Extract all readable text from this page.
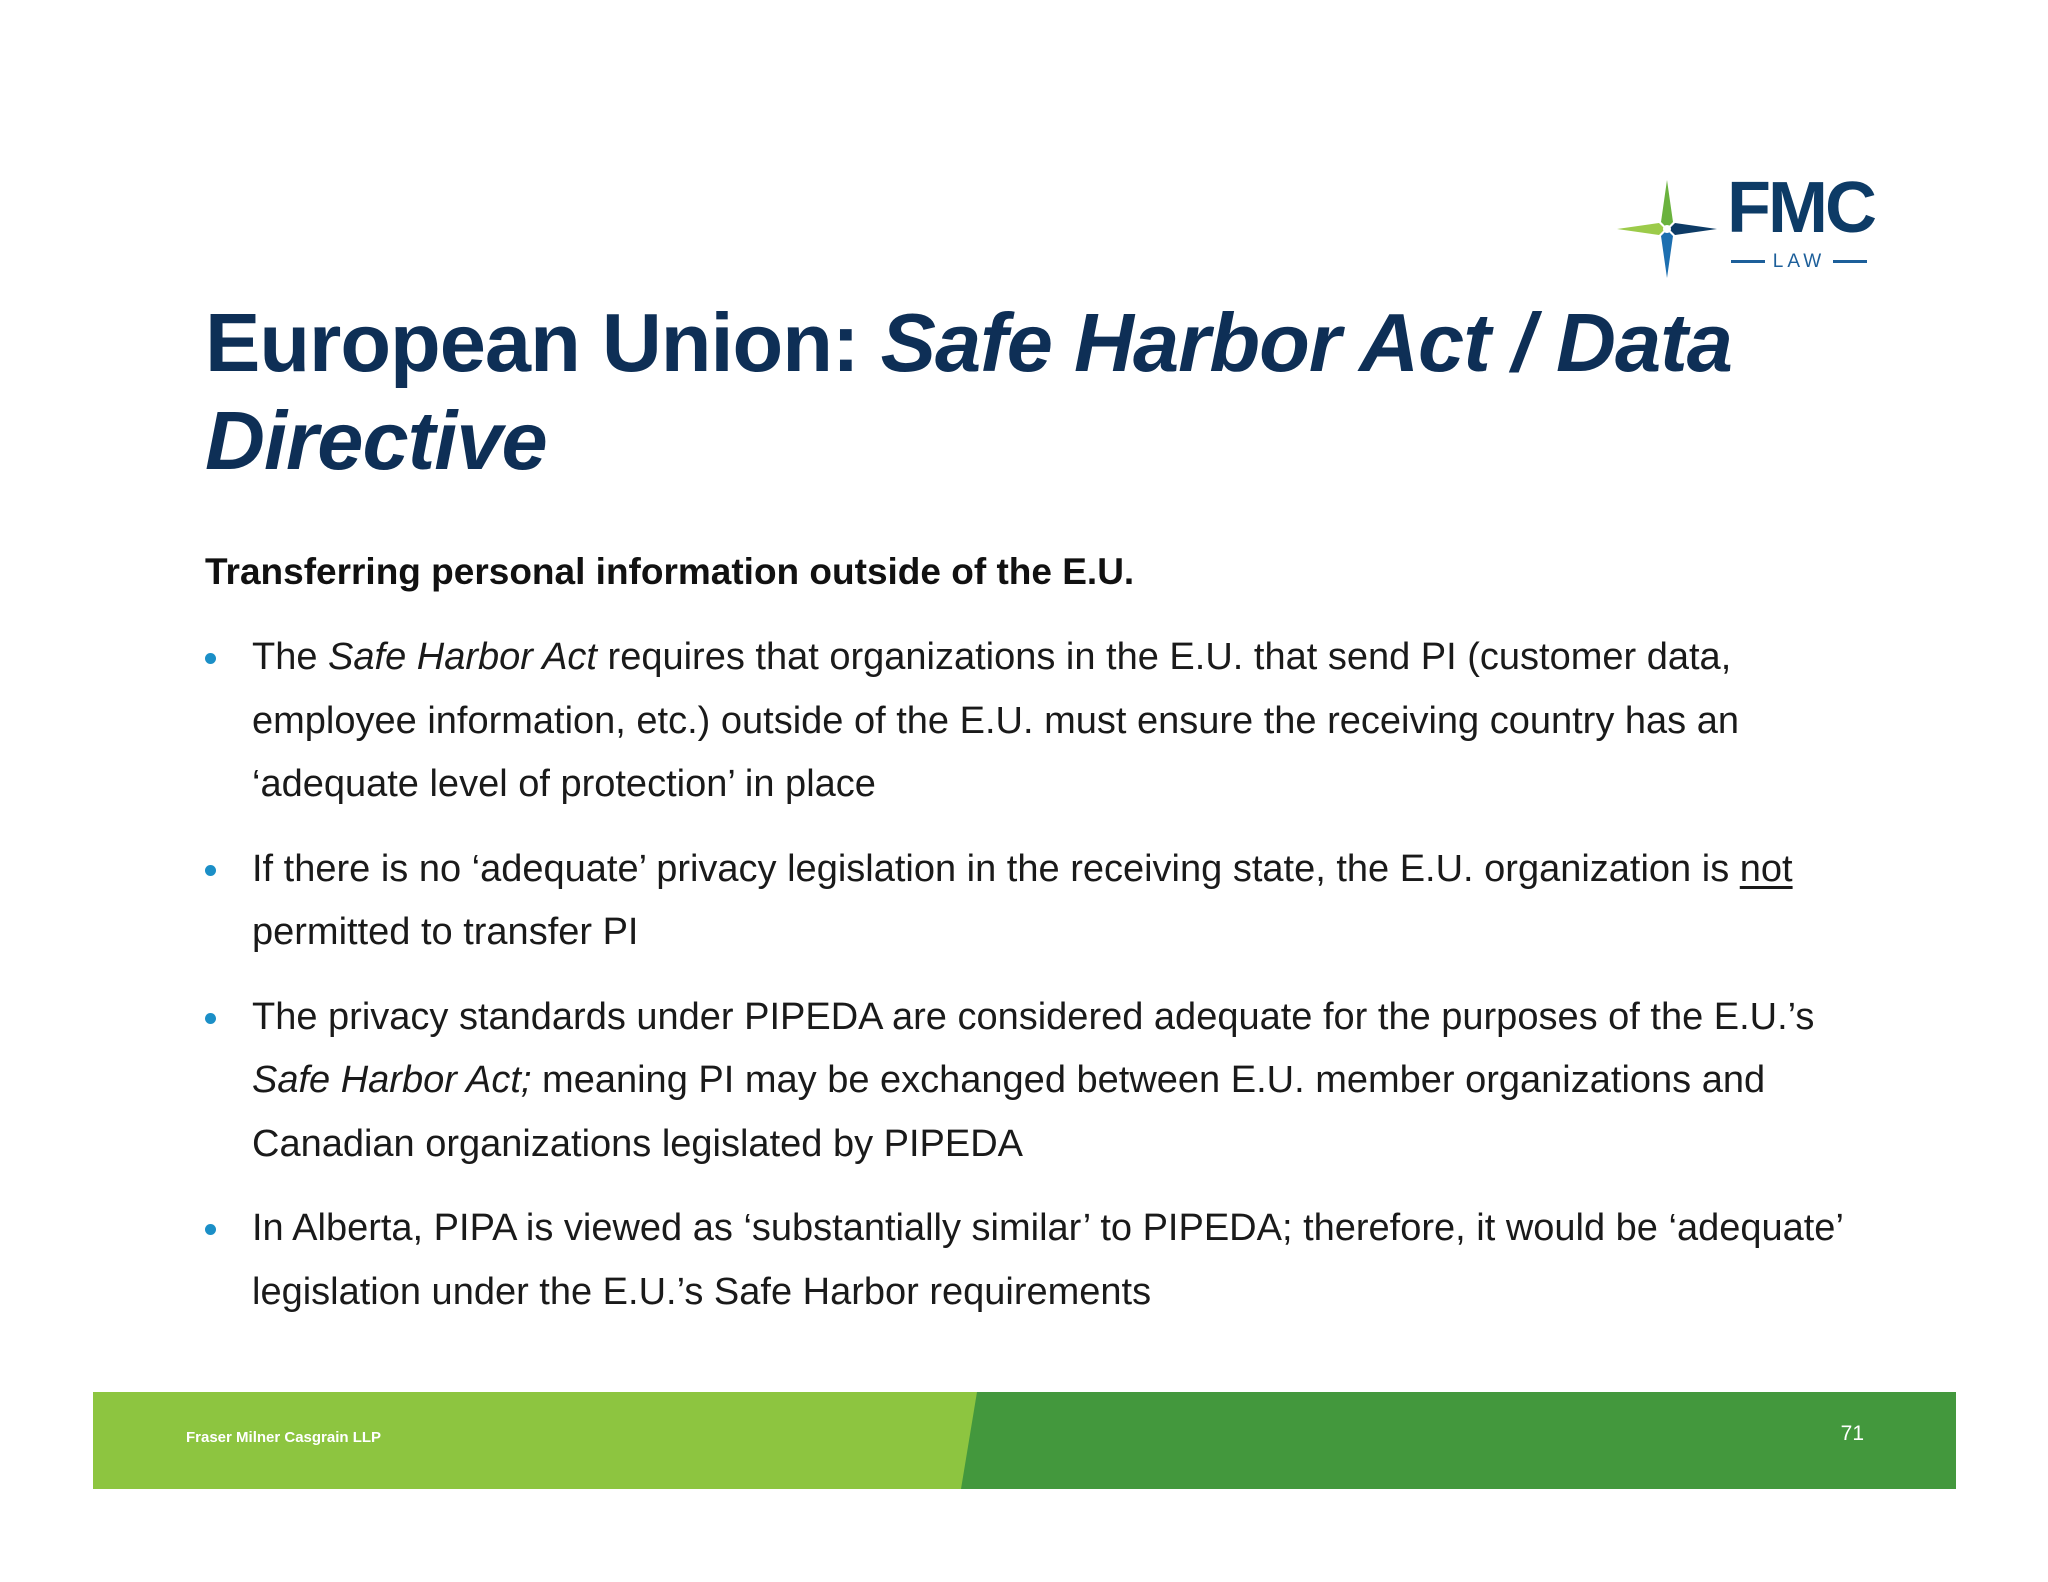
FMC
LAW
European Union: Safe Harbor Act / Data Directive

Transferring personal information outside of the E.U.

The Safe Harbor Act requires that organizations in the E.U. that send PI (customer data, employee information, etc.) outside of the E.U. must ensure the receiving country has an ‘adequate level of protection’ in place
If there is no ‘adequate’ privacy legislation in the receiving state, the E.U. organization is not permitted to transfer PI
The privacy standards under PIPEDA are considered adequate for the purposes of the E.U.’s Safe Harbor Act; meaning PI may be exchanged between E.U. member organizations and Canadian organizations legislated by PIPEDA
In Alberta, PIPA is viewed as ‘substantially similar’ to PIPEDA; therefore, it would be ‘adequate’ legislation under the E.U.’s Safe Harbor requirements
Fraser Milner Casgrain LLP	71
